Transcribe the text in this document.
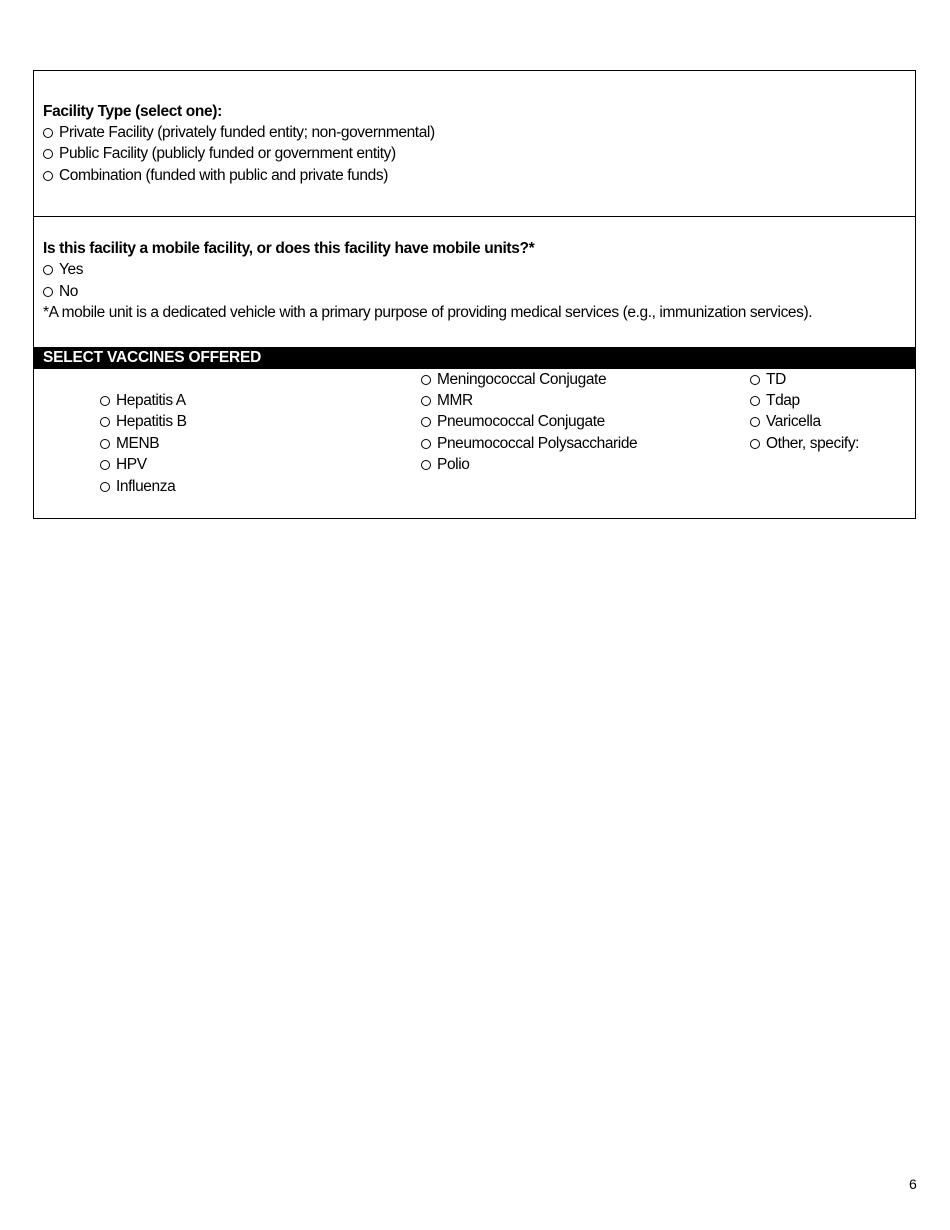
Facility Type (select one):
Private Facility (privately funded entity; non-governmental)
Public Facility (publicly funded or government entity)
Combination (funded with public and private funds)
Is this facility a mobile facility, or does this facility have mobile units?*
Yes
No
*A mobile unit is a dedicated vehicle with a primary purpose of providing medical services (e.g., immunization services).
SELECT VACCINES OFFERED
Hepatitis A
Hepatitis B
MENB
HPV
Influenza
Meningococcal Conjugate
MMR
Pneumococcal Conjugate
Pneumococcal Polysaccharide
Polio
TD
Tdap
Varicella
Other, specify:
6
